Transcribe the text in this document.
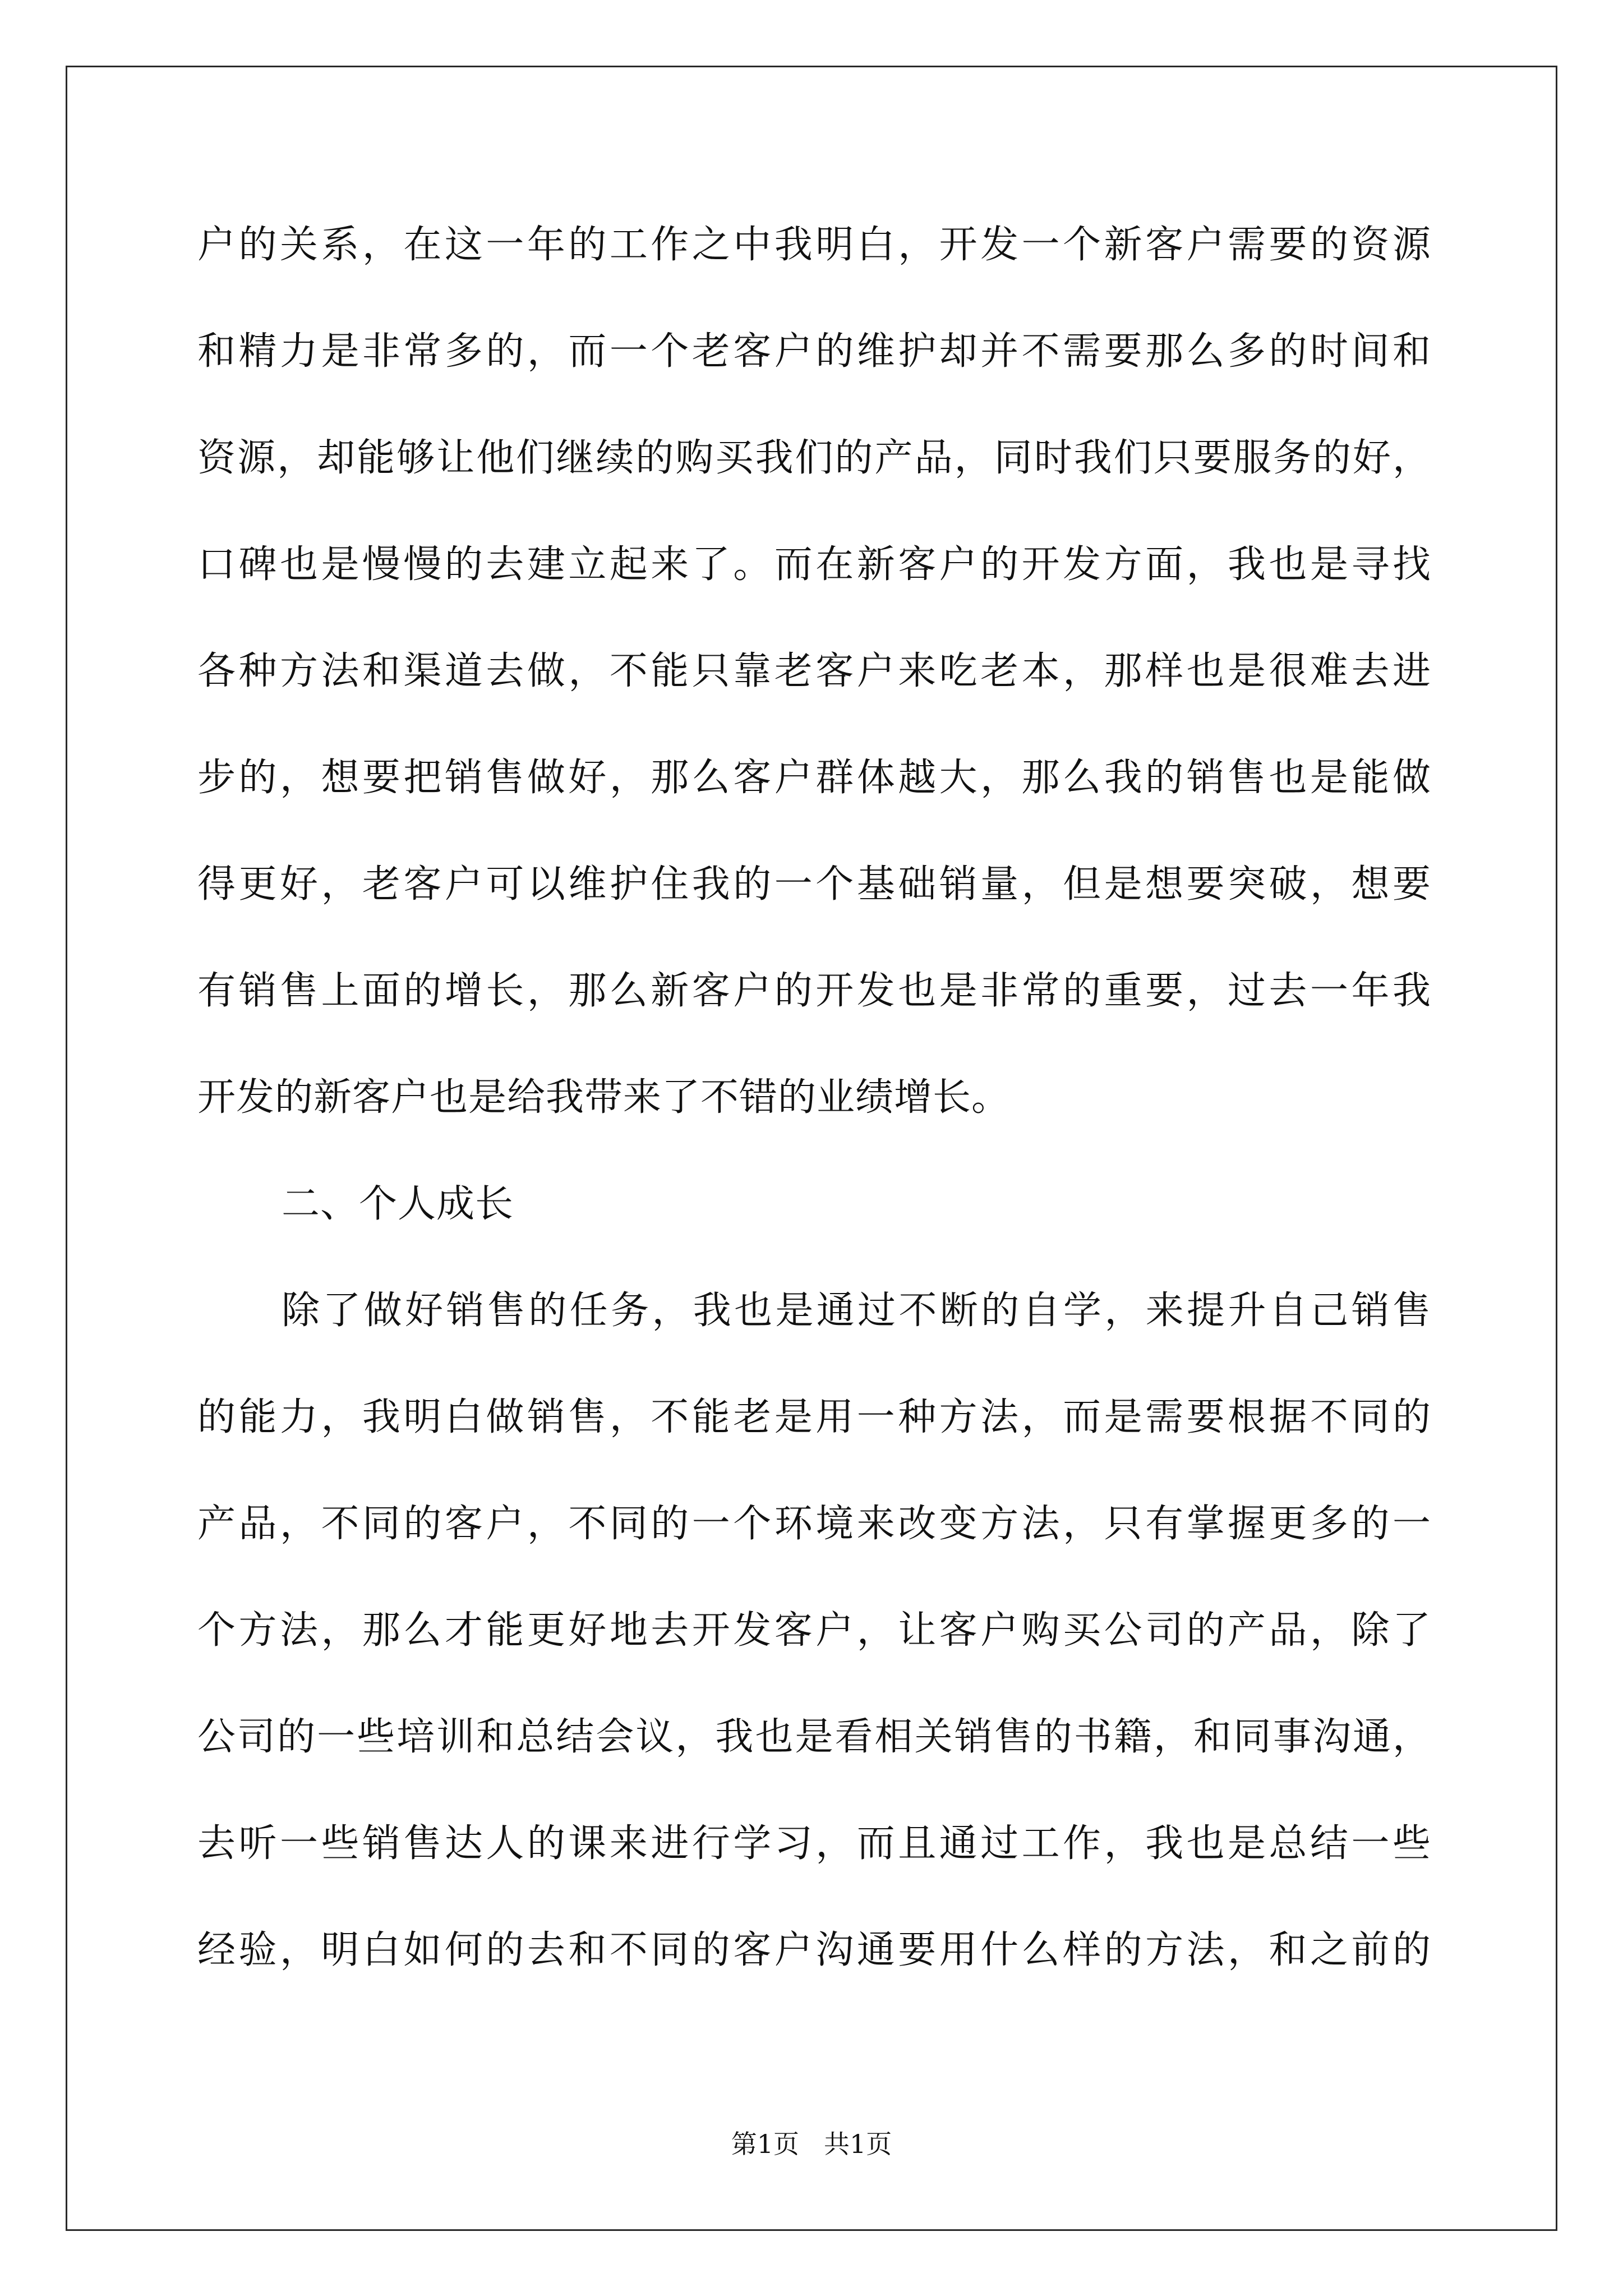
户的关系，在这一年的工作之中我明白，开发一个新客户需要的资源
和精力是非常多的，而一个老客户的维护却并不需要那么多的时间和
资源，却能够让他们继续的购买我们的产品，同时我们只要服务的好，
口碑也是慢慢的去建立起来了。而在新客户的开发方面，我也是寻找
各种方法和渠道去做，不能只靠老客户来吃老本，那样也是很难去进
步的，想要把销售做好，那么客户群体越大，那么我的销售也是能做
得更好，老客户可以维护住我的一个基础销量，但是想要突破，想要
有销售上面的增长，那么新客户的开发也是非常的重要，过去一年我
开发的新客户也是给我带来了不错的业绩增长。
二、个人成长
除了做好销售的任务，我也是通过不断的自学，来提升自己销售
的能力，我明白做销售，不能老是用一种方法，而是需要根据不同的
产品，不同的客户，不同的一个环境来改变方法，只有掌握更多的一
个方法，那么才能更好地去开发客户，让客户购买公司的产品，除了
公司的一些培训和总结会议，我也是看相关销售的书籍，和同事沟通，
去听一些销售达人的课来进行学习，而且通过工作，我也是总结一些
经验，明白如何的去和不同的客户沟通要用什么样的方法，和之前的
第1页 共1页
